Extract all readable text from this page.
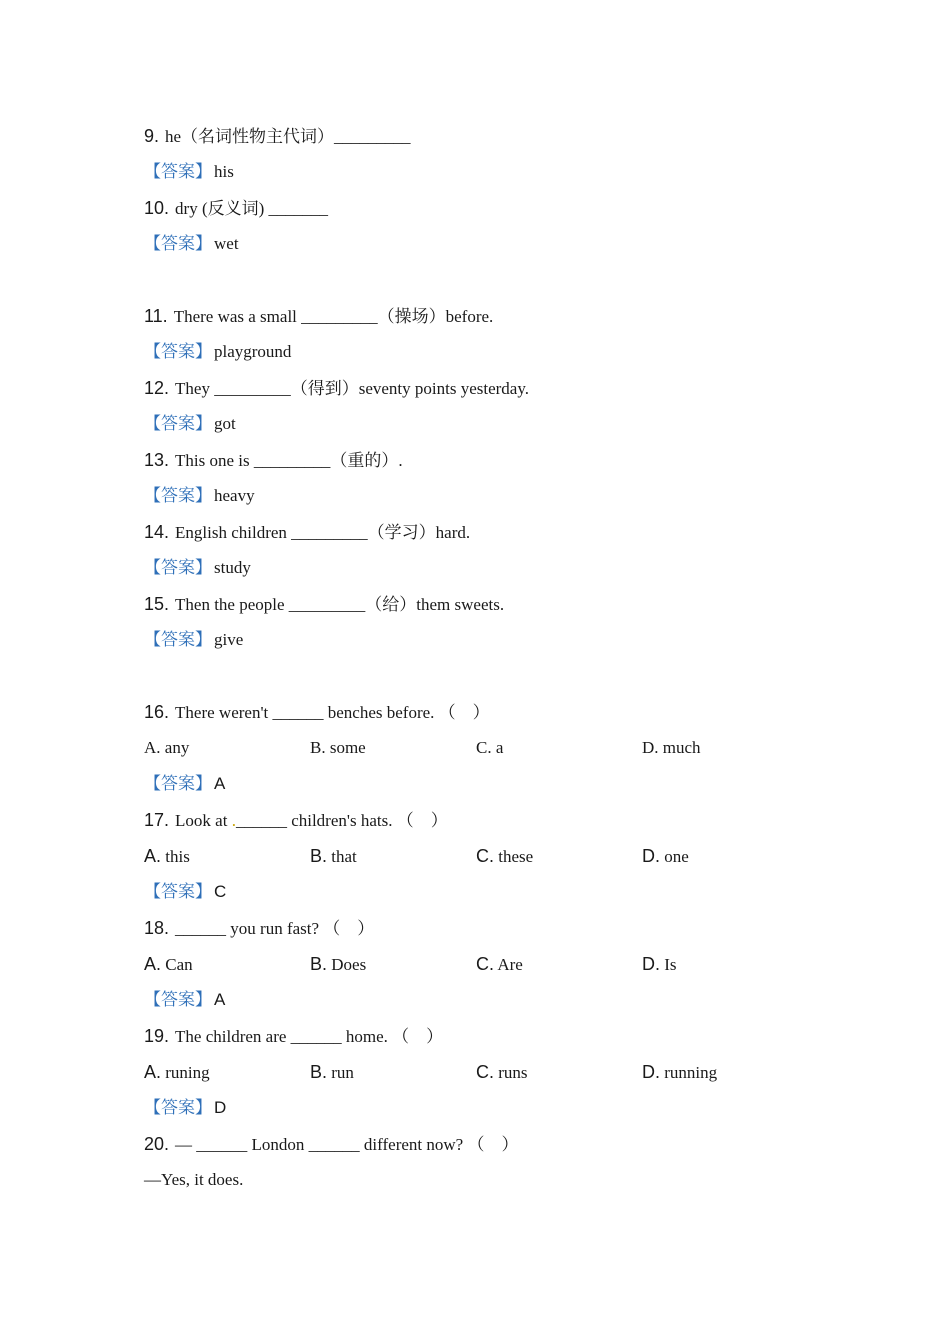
9. he（名词性物主代词）_________
【答案】 his
10. dry (反义词) _______
【答案】 wet
11. There was a small _________（操场）before.
【答案】 playground
12. They _________（得到）seventy points yesterday.
【答案】 got
13. This one is _________（重的）.
【答案】 heavy
14. English children _________（学习）hard.
【答案】 study
15. Then the people _________（给）them sweets.
【答案】 give
16. There weren't ______ benches before. （　）
A. any	B. some	C. a	D. much
【答案】 A
17. Look at .______ children's hats. （　）
A. this	B. that	C. these	D. one
【答案】 C
18. ______ you run fast? （　）
A. Can	B. Does	C. Are	D. Is
【答案】 A
19. The children are ______ home. （　）
A. runing	B. run	C. runs	D. running
【答案】 D
20. — ______ London ______ different now? （　）
—Yes, it does.
